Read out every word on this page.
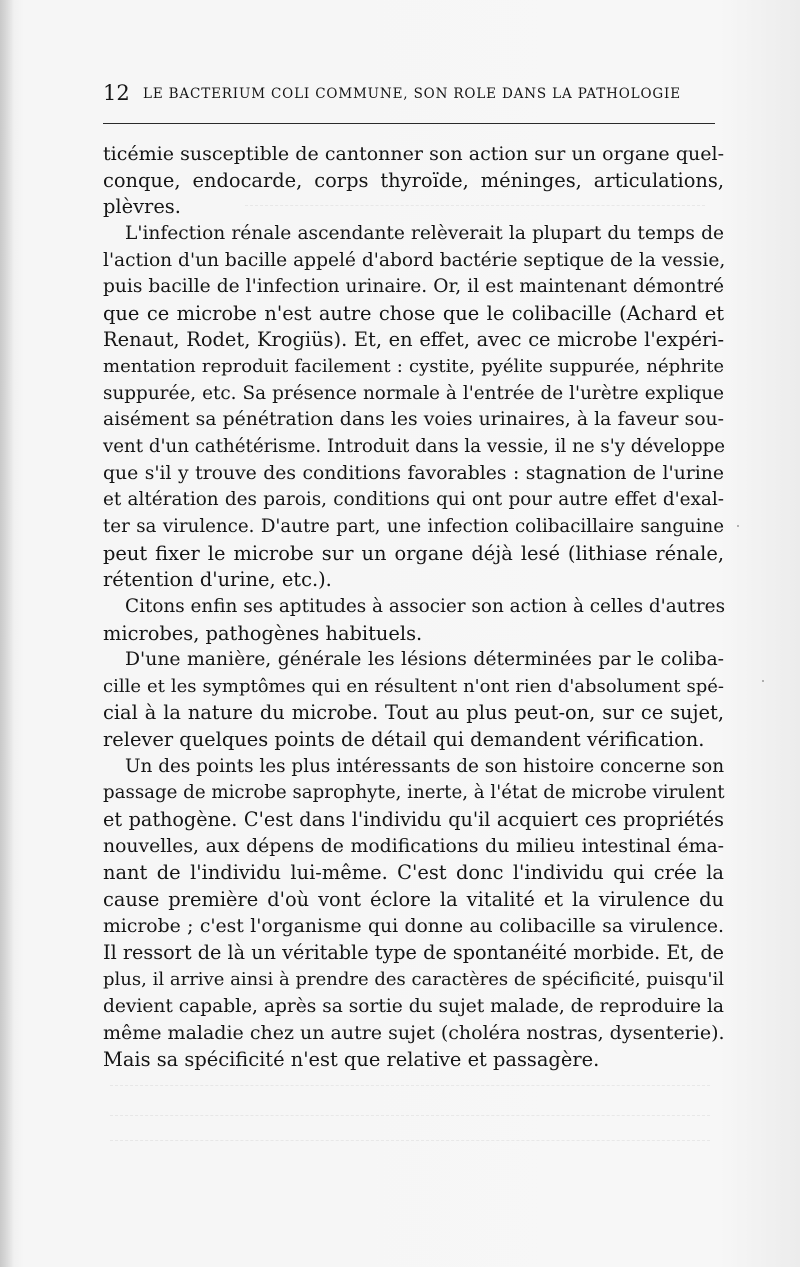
12 LE BACTERIUM COLI COMMUNE, SON ROLE DANS LA PATHOLOGIE
ticémie susceptible de cantonner son action sur un organe quel-
conque, endocarde, corps thyroïde, méninges, articulations,
plèvres.
L'infection rénale ascendante relèverait la plupart du temps de
l'action d'un bacille appelé d'abord bactérie septique de la vessie,
puis bacille de l'infection urinaire. Or, il est maintenant démontré
que ce microbe n'est autre chose que le colibacille (Achard et
Renaut, Rodet, Krogiüs). Et, en effet, avec ce microbe l'expéri-
mentation reproduit facilement : cystite, pyélite suppurée, néphrite
suppurée, etc. Sa présence normale à l'entrée de l'urètre explique
aisément sa pénétration dans les voies urinaires, à la faveur sou-
vent d'un cathétérisme. Introduit dans la vessie, il ne s'y développe
que s'il y trouve des conditions favorables : stagnation de l'urine
et altération des parois, conditions qui ont pour autre effet d'exal-
ter sa virulence. D'autre part, une infection colibacillaire sanguine
peut fixer le microbe sur un organe déjà lesé (lithiase rénale,
rétention d'urine, etc.).
Citons enfin ses aptitudes à associer son action à celles d'autres
microbes, pathogènes habituels.
D'une manière, générale les lésions déterminées par le coliba-
cille et les symptômes qui en résultent n'ont rien d'absolument spé-
cial à la nature du microbe. Tout au plus peut-on, sur ce sujet,
relever quelques points de détail qui demandent vérification.
Un des points les plus intéressants de son histoire concerne son
passage de microbe saprophyte, inerte, à l'état de microbe virulent
et pathogène. C'est dans l'individu qu'il acquiert ces propriétés
nouvelles, aux dépens de modifications du milieu intestinal éma-
nant de l'individu lui-même. C'est donc l'individu qui crée la
cause première d'où vont éclore la vitalité et la virulence du
microbe ; c'est l'organisme qui donne au colibacille sa virulence.
Il ressort de là un véritable type de spontanéité morbide. Et, de
plus, il arrive ainsi à prendre des caractères de spécificité, puisqu'il
devient capable, après sa sortie du sujet malade, de reproduire la
même maladie chez un autre sujet (choléra nostras, dysenterie).
Mais sa spécificité n'est que relative et passagère.
